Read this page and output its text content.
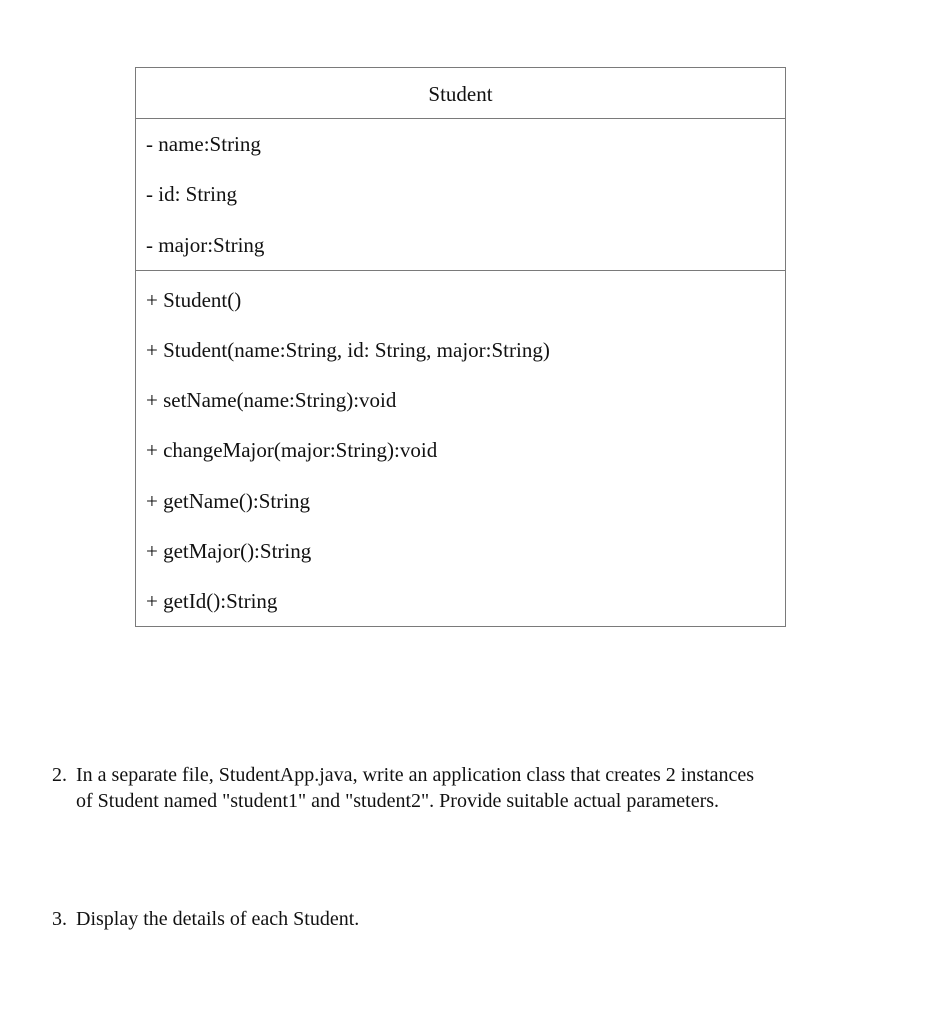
Student
- name:String
- id: String
- major:String
+ Student()
+ Student(name:String, id: String, major:String)
+ setName(name:String):void
+ changeMajor(major:String):void
+ getName():String
+ getMajor():String
+ getId():String
2. In a separate file, StudentApp.java, write an application class that creates 2 instances
of Student named "student1" and "student2". Provide suitable actual parameters.
3. Display the details of each Student.
